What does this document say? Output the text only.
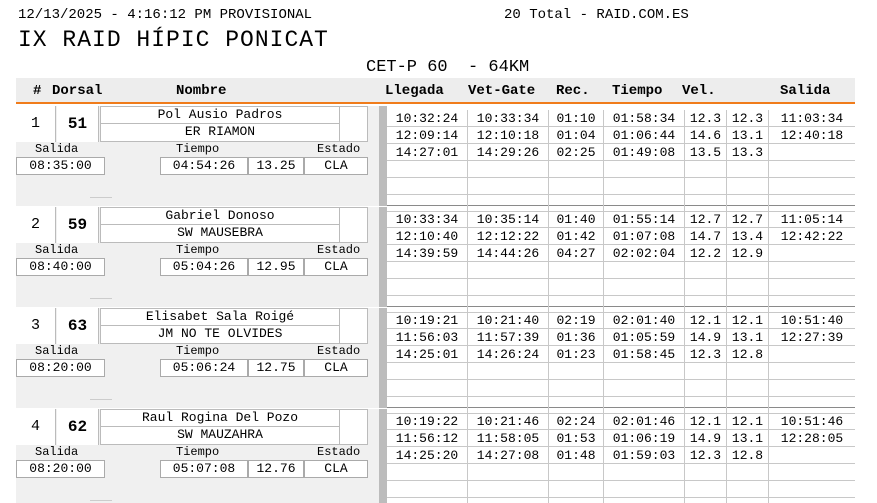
12/13/2025 - 4:16:12 PM PROVISIONAL	20 Total - RAID.COM.ES
IX RAID HÍPIC PONICAT
CET-P 60  - 64KM
# Dorsal	Nombre	Llegada Vet-Gate Rec. Tiempo Vel.	Salida
1	51
Pol Ausio Padros
ER RIAMON
Salida	Tiempo	Estado
08:35:00	04:54:26	13.25	CLA
10:32:24	10:33:34	01:10	01:58:34	12.3 12.3	11:03:34
12:09:14	12:10:18	01:04	01:06:44	14.6 13.1	12:40:18
14:27:01	14:29:26	02:25	01:49:08	13.5 13.3
2	59
Gabriel Donoso
SW MAUSEBRA
Salida	Tiempo	Estado
08:40:00	05:04:26	12.95	CLA
10:33:34	10:35:14	01:40	01:55:14	12.7 12.7	11:05:14
12:10:40	12:12:22	01:42	01:07:08	14.7 13.4	12:42:22
14:39:59	14:44:26	04:27	02:02:04	12.2 12.9
3	63
Elisabet Sala Roigé
JM NO TE OLVIDES
Salida	Tiempo	Estado
08:20:00	05:06:24	12.75	CLA
10:19:21	10:21:40	02:19	02:01:40	12.1 12.1	10:51:40
11:56:03	11:57:39	01:36	01:05:59	14.9 13.1	12:27:39
14:25:01	14:26:24	01:23	01:58:45	12.3 12.8
4	62
Raul Rogina Del Pozo
SW MAUZAHRA
Salida	Tiempo	Estado
08:20:00	05:07:08	12.76	CLA
10:19:22	10:21:46	02:24	02:01:46	12.1 12.1	10:51:46
11:56:12	11:58:05	01:53	01:06:19	14.9 13.1	12:28:05
14:25:20	14:27:08	01:48	01:59:03	12.3 12.8
